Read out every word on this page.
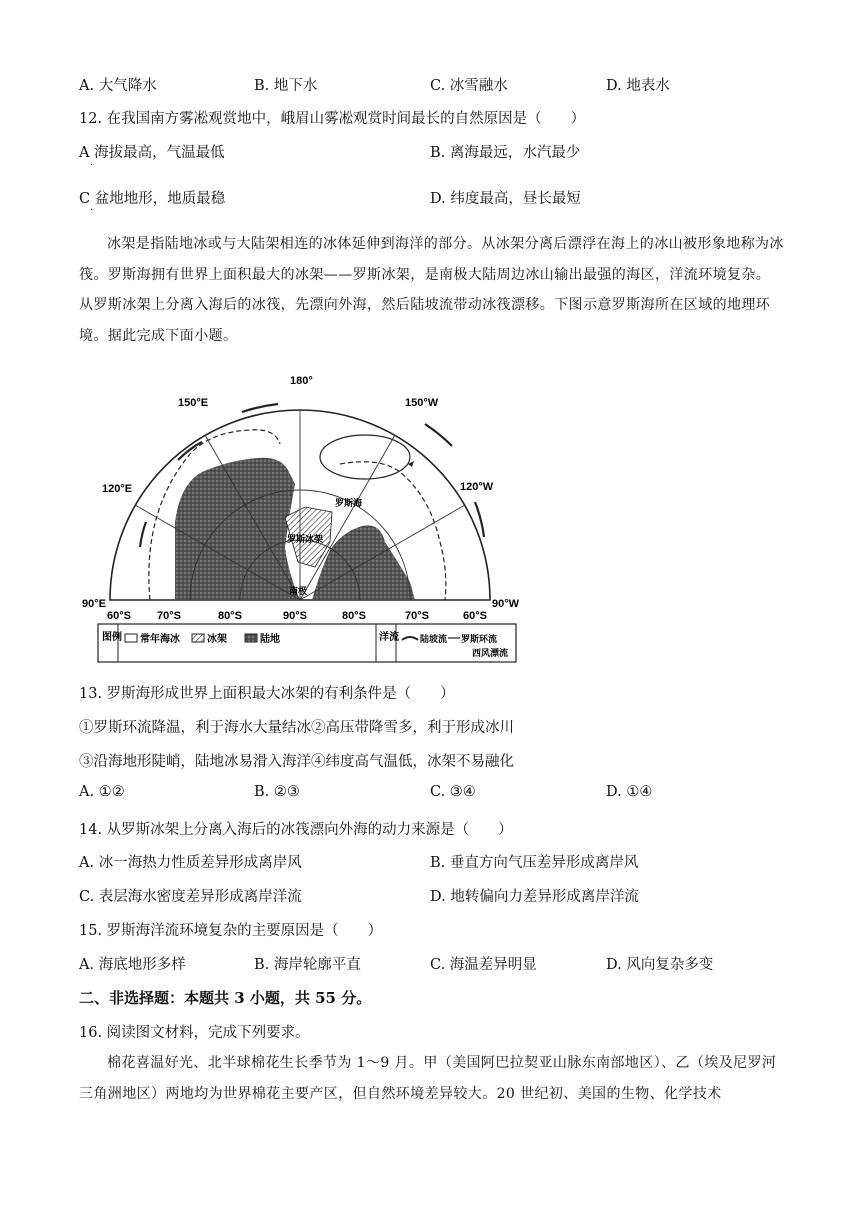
A. 大气降水	B. 地下水	C. 冰雪融水	D. 地表水
12. 在我国南方雾凇观赏地中，峨眉山雾凇观赏时间最长的自然原因是（　　）
A 海拔最高，气温最低
·
B. 离海最远，水汽最少
C 盆地地形，地质最稳
·
D. 纬度最高，昼长最短
冰架是指陆地冰或与大陆架相连的冰体延伸到海洋的部分。从冰架分离后漂浮在海上的冰山被形象地称为冰筏。罗斯海拥有世界上面积最大的冰架——罗斯冰架，是南极大陆周边冰山输出最强的海区，洋流环境复杂。从罗斯冰架上分离入海后的冰筏，先漂向外海，然后陆坡流带动冰筏漂移。下图示意罗斯海所在区域的地理环境。据此完成下面小题。
180°
150°E	150°W
120°E	120°W
90°E	90°W
罗斯海
罗斯冰架
南极
60°S 70°S	80°S	90°S	80°S	70°S	60°S
图例 常年海冰	冰架	陆地	洋流 陆坡流 罗斯环流
西风漂流
13. 罗斯海形成世界上面积最大冰架的有利条件是（　　）
①罗斯环流降温，利于海水大量结冰②高压带降雪多，利于形成冰川
③沿海地形陡峭，陆地冰易滑入海洋④纬度高气温低，冰架不易融化
A. ①②	B. ②③	C. ③④	D. ①④
14. 从罗斯冰架上分离入海后的冰筏漂向外海的动力来源是（　　）
A. 冰一海热力性质差异形成离岸风	B. 垂直方向气压差异形成离岸风
C. 表层海水密度差异形成离岸洋流	D. 地转偏向力差异形成离岸洋流
15. 罗斯海洋流环境复杂的主要原因是（　　）
A. 海底地形多样	B. 海岸轮廓平直	C. 海温差异明显	D. 风向复杂多变
二、非选择题：本题共 3 小题，共 55 分。
16. 阅读图文材料，完成下列要求。
棉花喜温好光、北半球棉花生长季节为 1～9 月。甲（美国阿巴拉契亚山脉东南部地区）、乙（埃及尼罗河三角洲地区）两地均为世界棉花主要产区，但自然环境差异较大。20 世纪初、美国的生物、化学技术
